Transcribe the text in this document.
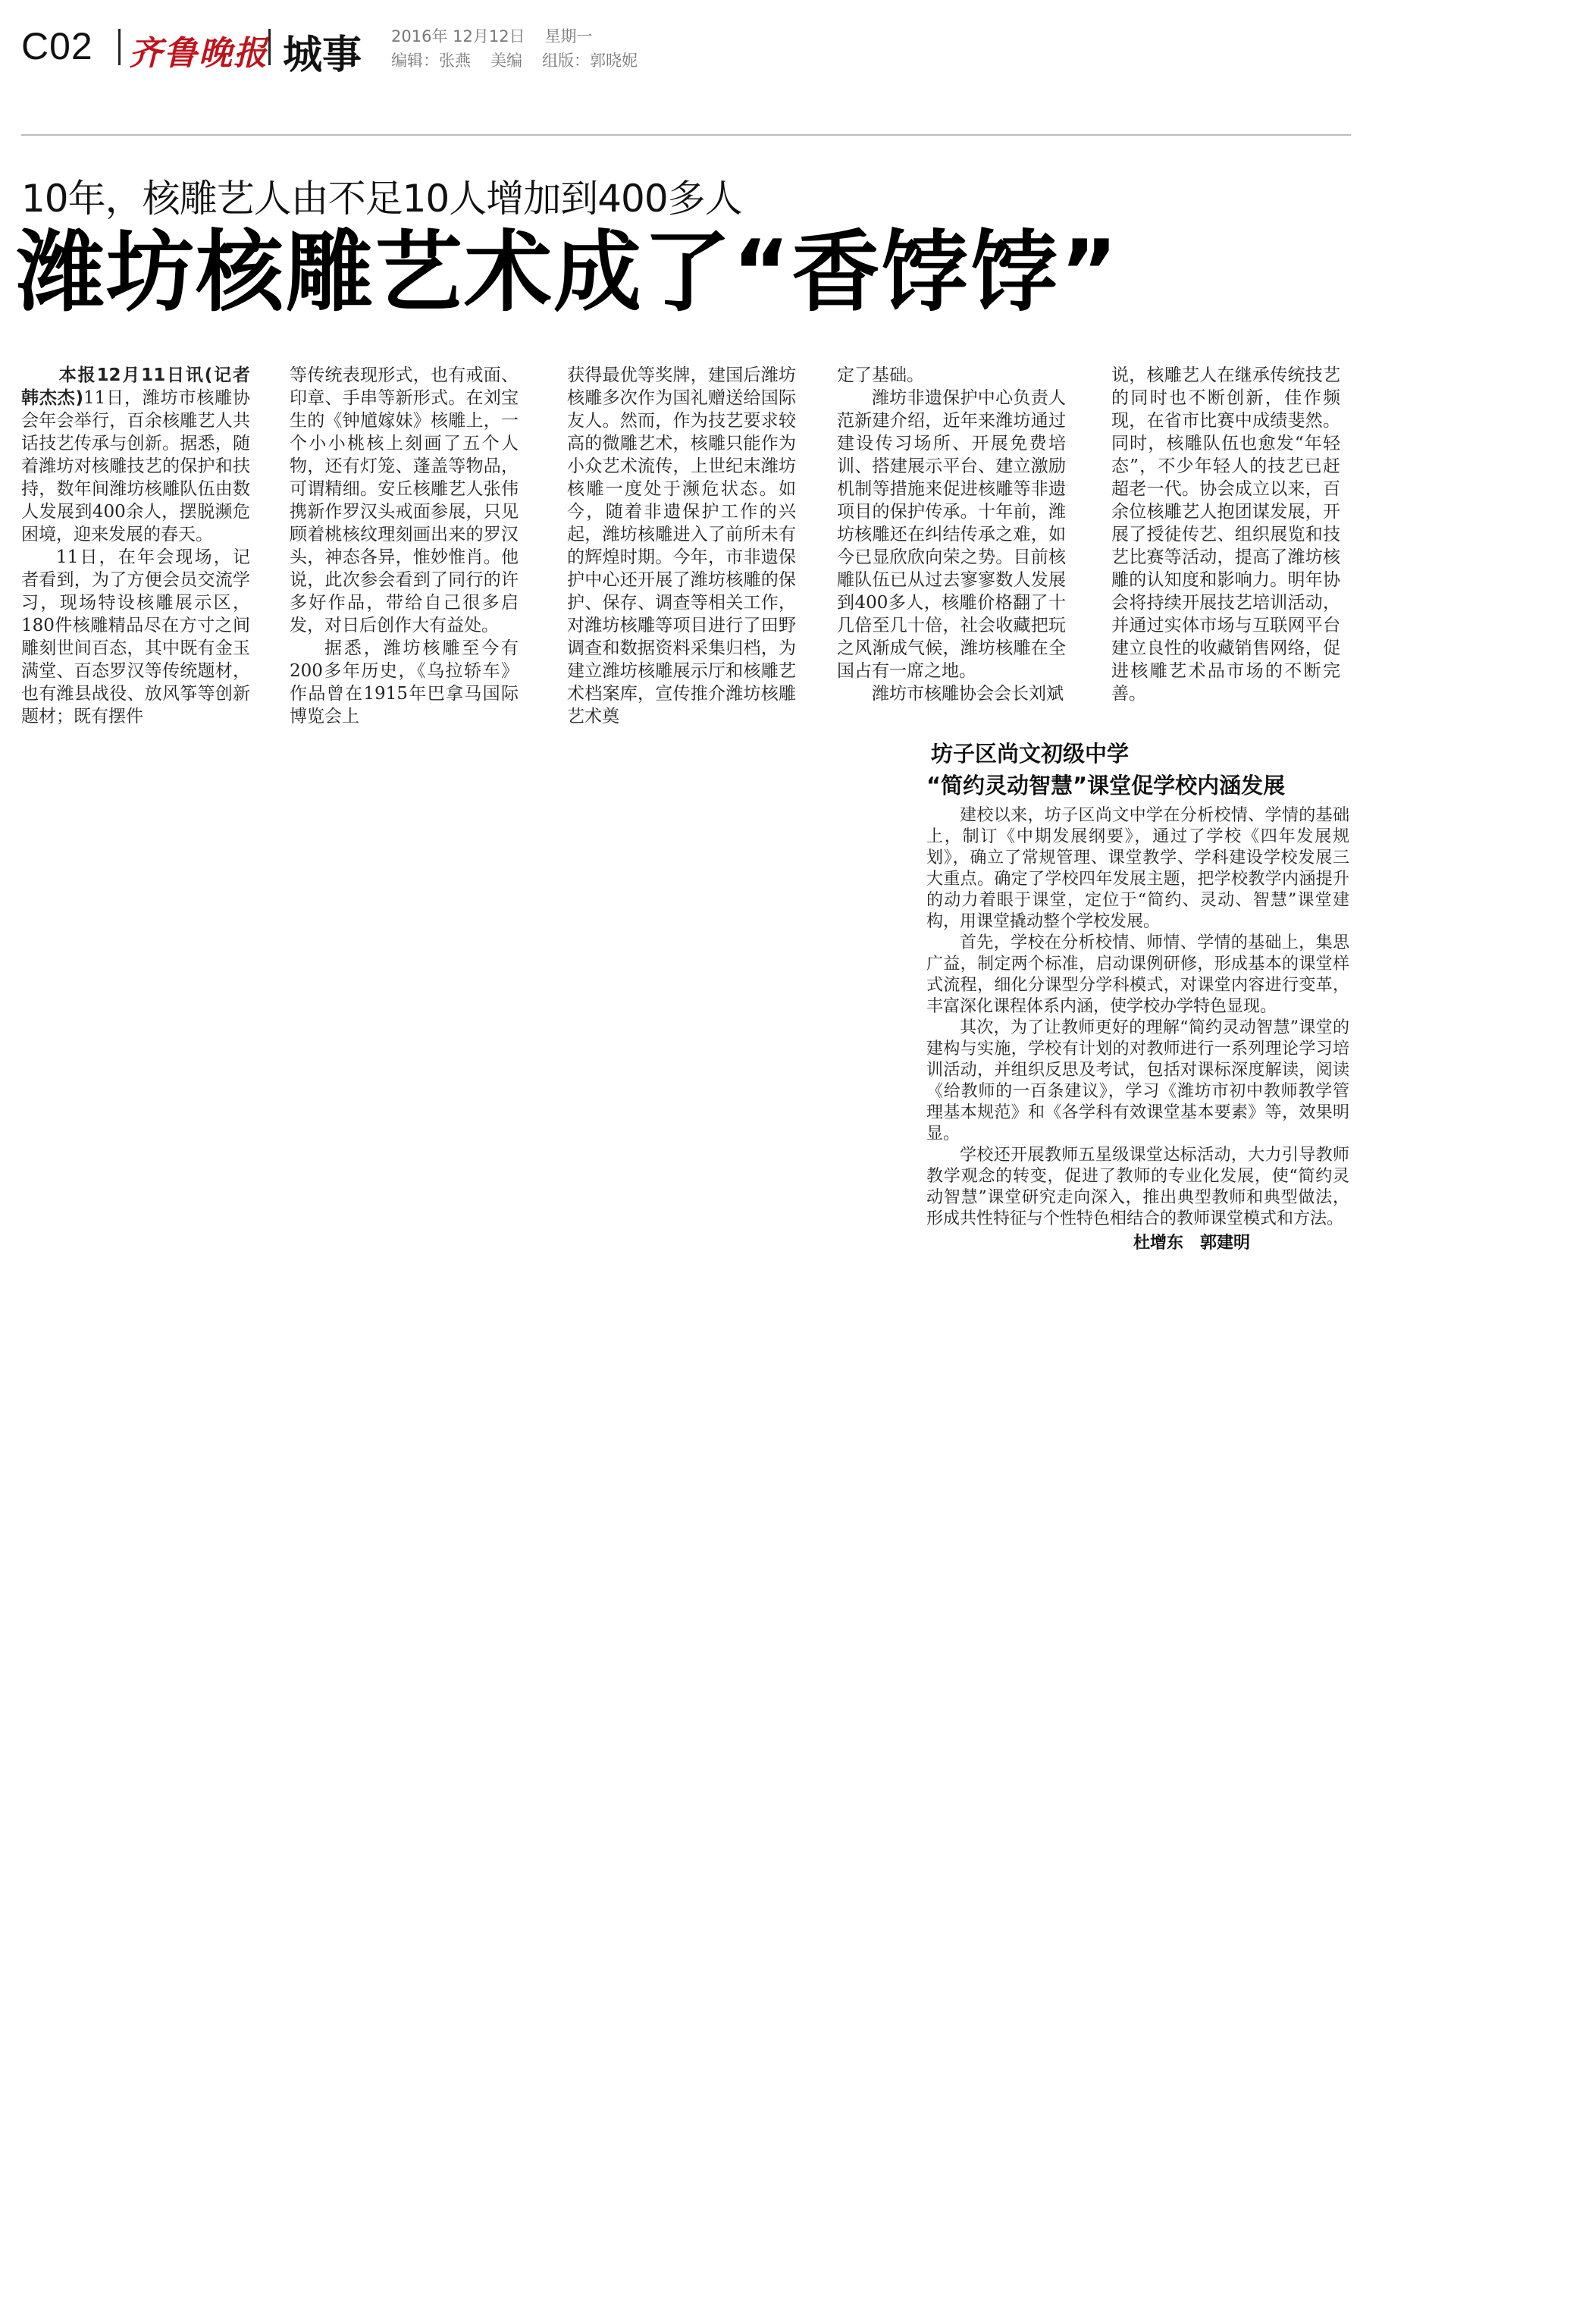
C02 齐鲁晚报 城事 2016年 12月12日 星期一
编辑：张燕 美编 组版：郭晓妮
10年，核雕艺人由不足10人增加到400多人
潍坊核雕艺术成了“香饽饽”

　　本报12月11日讯(记者　韩杰杰)11日，潍坊市核雕协会年会举行，百余核雕艺人共话技艺传承与创新。据悉，随着潍坊对核雕技艺的保护和扶持，数年间潍坊核雕队伍由数人发展到400余人，摆脱濒危困境，迎来发展的春天。

11日，在年会现场，记者看到，为了方便会员交流学习，现场特设核雕展示区，180件核雕精品尽在方寸之间雕刻世间百态，其中既有金玉满堂、百态罗汉等传统题材，也有潍县战役、放风筝等创新题材；既有摆件

等传统表现形式，也有戒面、印章、手串等新形式。在刘宝生的《钟馗嫁妹》核雕上，一个小小桃核上刻画了五个人物，还有灯笼、蓬盖等物品，可谓精细。安丘核雕艺人张伟携新作罗汉头戒面参展，只见顾着桃核纹理刻画出来的罗汉头，神态各异，惟妙惟肖。他说，此次参会看到了同行的许多好作品，带给自己很多启发，对日后创作大有益处。

据悉，潍坊核雕至今有200多年历史，《乌拉轿车》作品曾在1915年巴拿马国际博览会上

获得最优等奖牌，建国后潍坊核雕多次作为国礼赠送给国际友人。然而，作为技艺要求较高的微雕艺术，核雕只能作为小众艺术流传，上世纪末潍坊核雕一度处于濒危状态。如今，随着非遗保护工作的兴起，潍坊核雕进入了前所未有的辉煌时期。今年，市非遗保护中心还开展了潍坊核雕的保护、保存、调查等相关工作，对潍坊核雕等项目进行了田野调查和数据资料采集归档，为建立潍坊核雕展示厅和核雕艺术档案库，宣传推介潍坊核雕艺术奠

定了基础。

潍坊非遗保护中心负责人范新建介绍，近年来潍坊通过建设传习场所、开展免费培训、搭建展示平台、建立激励机制等措施来促进核雕等非遗项目的保护传承。十年前，潍坊核雕还在纠结传承之难，如今已显欣欣向荣之势。目前核雕队伍已从过去寥寥数人发展到400多人，核雕价格翻了十几倍至几十倍，社会收藏把玩之风渐成气候，潍坊核雕在全国占有一席之地。

潍坊市核雕协会会长刘斌

说，核雕艺人在继承传统技艺的同时也不断创新，佳作频现，在省市比赛中成绩斐然。同时，核雕队伍也愈发“年轻态”，不少年轻人的技艺已赶超老一代。协会成立以来，百余位核雕艺人抱团谋发展，开展了授徒传艺、组织展览和技艺比赛等活动，提高了潍坊核雕的认知度和影响力。明年协会将持续开展技艺培训活动，并通过实体市场与互联网平台建立良性的收藏销售网络，促进核雕艺术品市场的不断完善。

坊子区尚文初级中学
“简约灵动智慧”课堂促学校内涵发展

建校以来，坊子区尚文中学在分析校情、学情的基础上，制订《中期发展纲要》，通过了学校《四年发展规划》，确立了常规管理、课堂教学、学科建设学校发展三大重点。确定了学校四年发展主题，把学校教学内涵提升的动力着眼于课堂，定位于“简约、灵动、智慧”课堂建构，用课堂撬动整个学校发展。

首先，学校在分析校情、师情、学情的基础上，集思广益，制定两个标准，启动课例研修，形成基本的课堂样式流程，细化分课型分学科模式，对课堂内容进行变革，丰富深化课程体系内涵，使学校办学特色显现。

其次，为了让教师更好的理解“简约灵动智慧”课堂的建构与实施，学校有计划的对教师进行一系列理论学习培训活动，并组织反思及考试，包括对课标深度解读，阅读《给教师的一百条建议》，学习《潍坊市初中教师教学管理基本规范》和《各学科有效课堂基本要素》等，效果明显。

学校还开展教师五星级课堂达标活动，大力引导教师教学观念的转变，促进了教师的专业化发展，使“简约灵动智慧”课堂研究走向深入，推出典型教师和典型做法，形成共性特征与个性特色相结合的教师课堂模式和方法。

杜增东　郭建明
